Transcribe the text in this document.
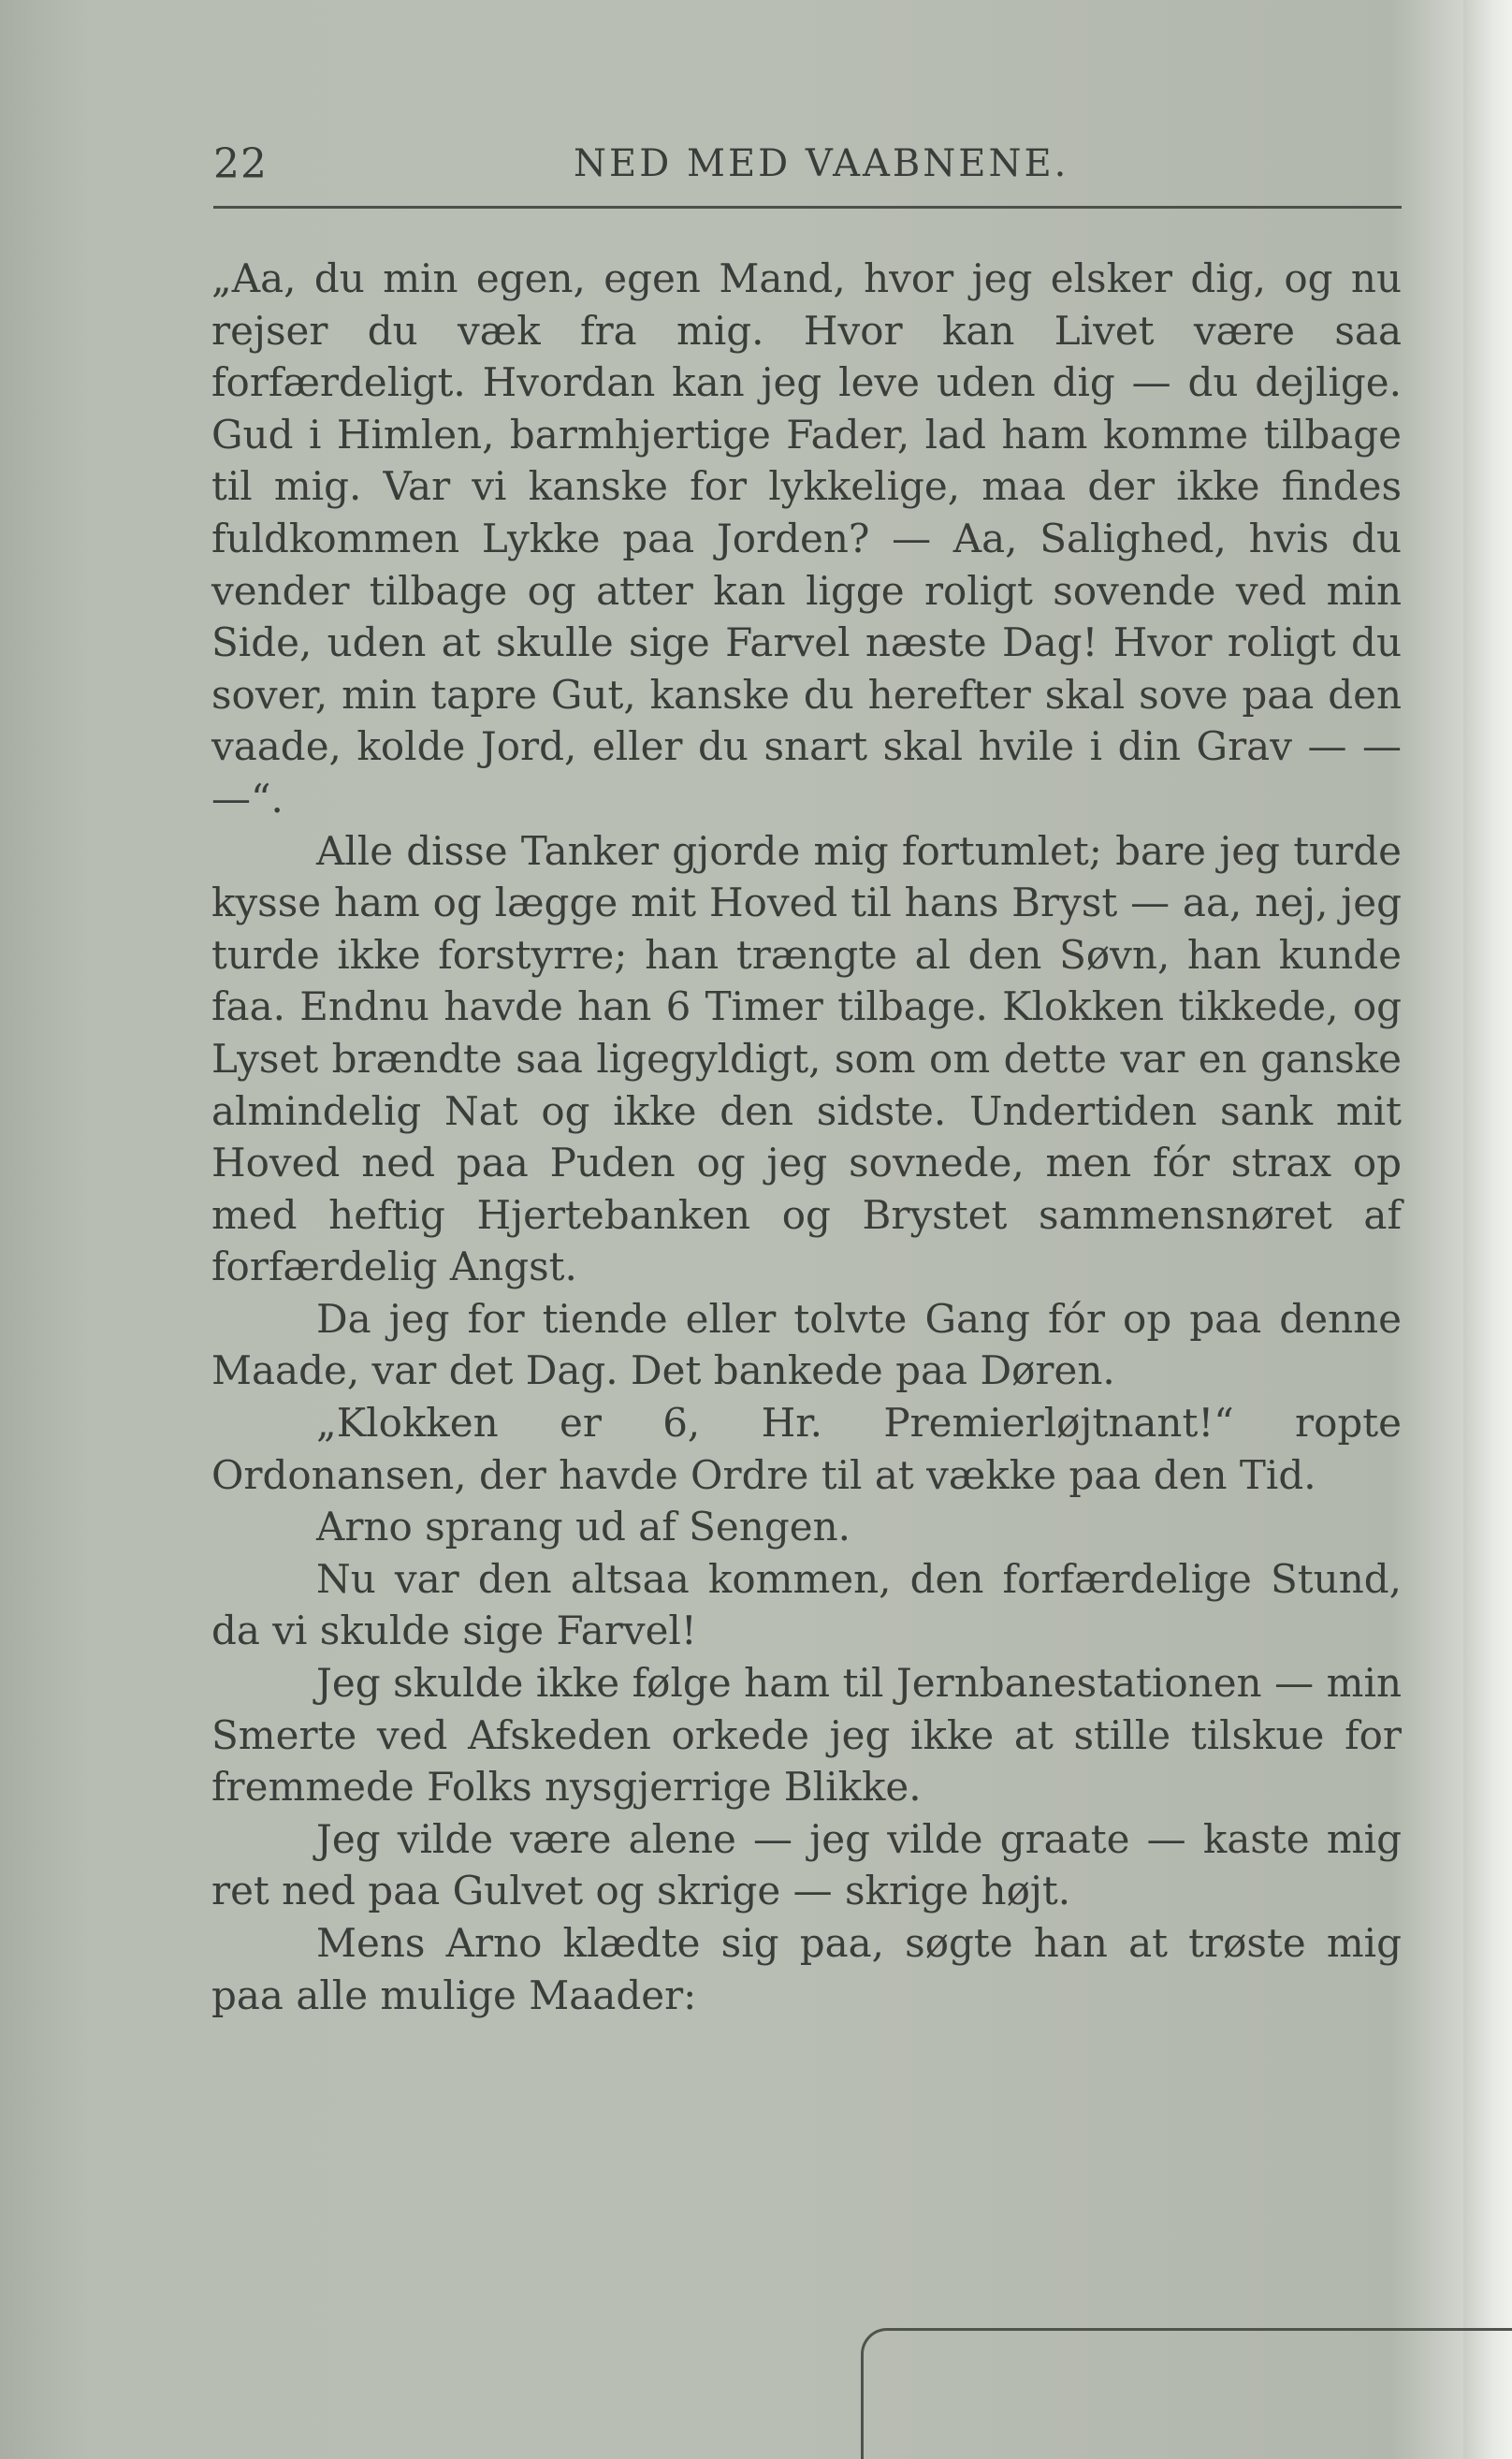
22	NED MED VAABNENE.

„Aa, du min egen, egen Mand, hvor jeg elsker dig, og nu rejser du væk fra mig. Hvor kan Livet være saa forfærdeligt. Hvordan kan jeg leve uden dig — du dejlige. Gud i Himlen, barmhjertige Fader, lad ham komme tilbage til mig. Var vi kanske for lykkelige, maa der ikke findes fuldkommen Lykke paa Jorden? — Aa, Salighed, hvis du vender tilbage og atter kan ligge roligt sovende ved min Side, uden at skulle sige Farvel næste Dag! Hvor roligt du sover, min tapre Gut, kanske du herefter skal sove paa den vaade, kolde Jord, eller du snart skal hvile i din Grav — — —“.

Alle disse Tanker gjorde mig fortumlet; bare jeg turde kysse ham og lægge mit Hoved til hans Bryst — aa, nej, jeg turde ikke forstyrre; han trængte al den Søvn, han kunde faa. Endnu havde han 6 Timer tilbage. Klokken tikkede, og Lyset brændte saa ligegyldigt, som om dette var en ganske almindelig Nat og ikke den sidste. Undertiden sank mit Hoved ned paa Puden og jeg sovnede, men fór strax op med heftig Hjertebanken og Brystet sammensnøret af forfærdelig Angst.

Da jeg for tiende eller tolvte Gang fór op paa denne Maade, var det Dag. Det bankede paa Døren.

„Klokken er 6, Hr. Premierløjtnant!“ ropte Ordonansen, der havde Ordre til at vække paa den Tid.

Arno sprang ud af Sengen.

Nu var den altsaa kommen, den forfærdelige Stund, da vi skulde sige Farvel!

Jeg skulde ikke følge ham til Jernbanestationen — min Smerte ved Afskeden orkede jeg ikke at stille tilskue for fremmede Folks nysgjerrige Blikke.

Jeg vilde være alene — jeg vilde graate — kaste mig ret ned paa Gulvet og skrige — skrige højt.

Mens Arno klædte sig paa, søgte han at trøste mig paa alle mulige Maader:
